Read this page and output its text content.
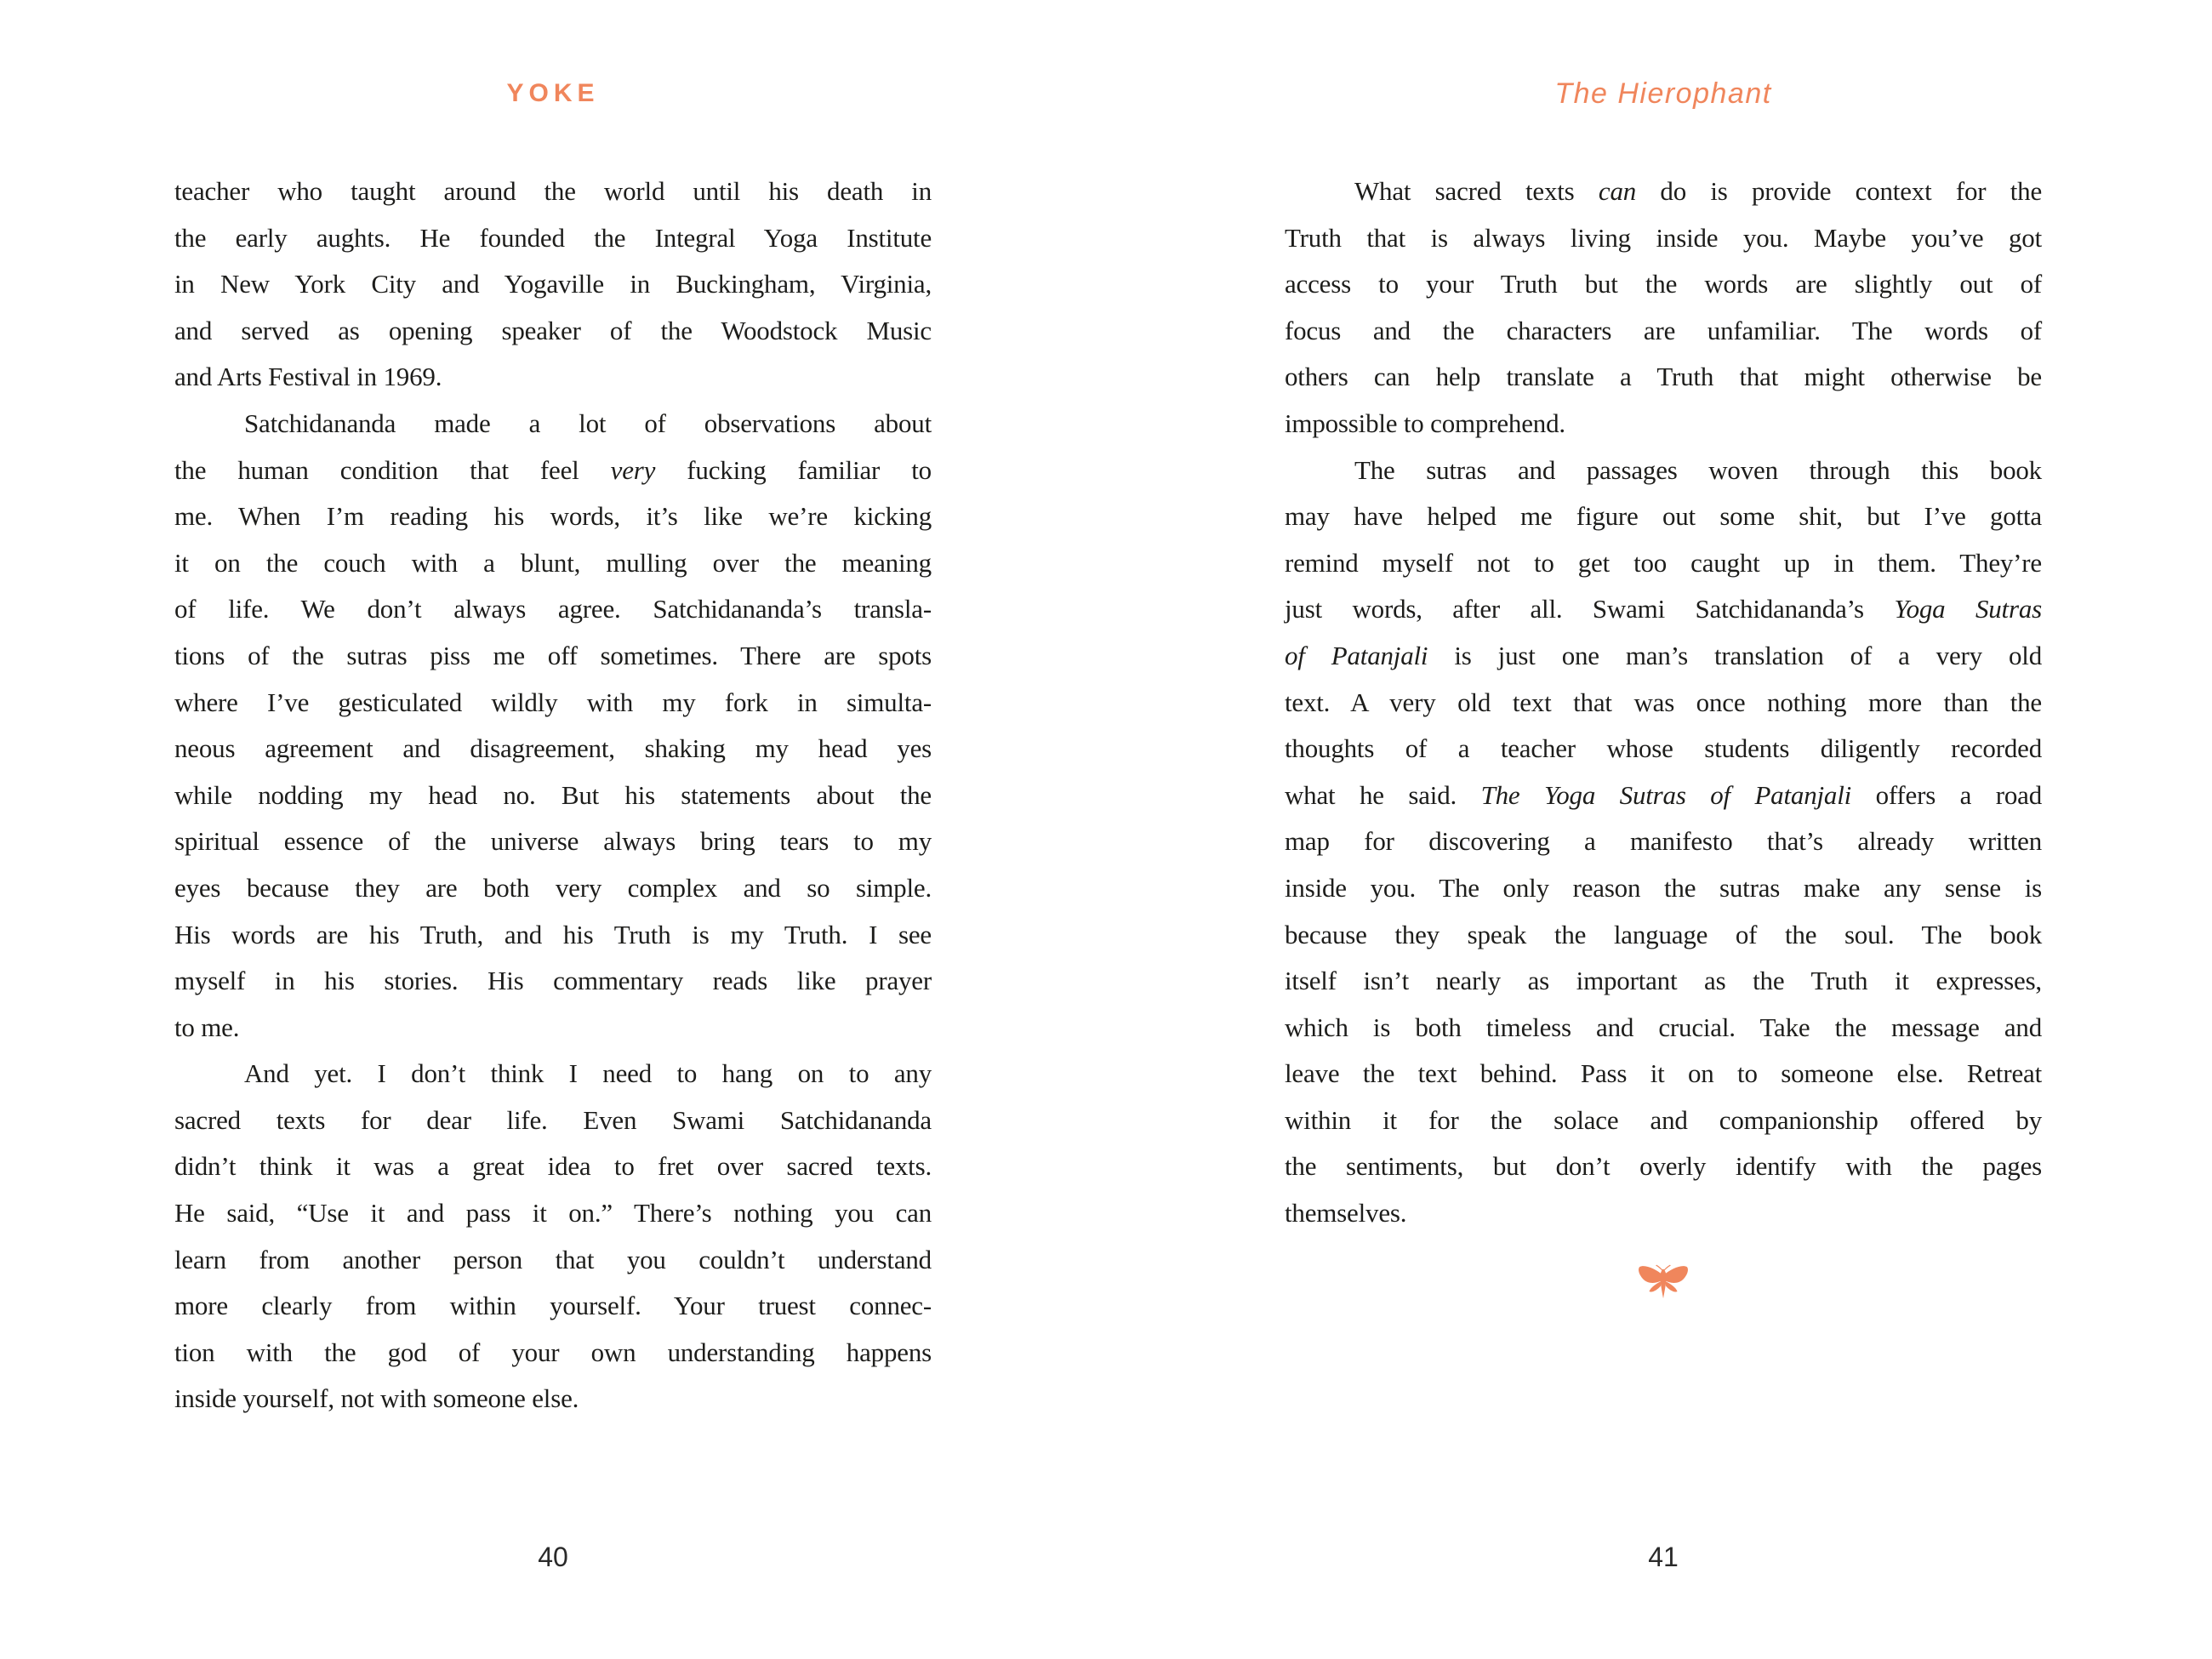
YOKE
teacher who taught around the world until his death in
the early aughts. He founded the Integral Yoga Institute
in New York City and Yogaville in Buckingham, Virginia,
and served as opening speaker of the Woodstock Music
and Arts Festival in 1969.
Satchidananda made a lot of observations about
the human condition that feel very fucking familiar to
me. When I’m reading his words, it’s like we’re kicking
it on the couch with a blunt, mulling over the meaning
of life. We don’t always agree. Satchidananda’s transla-
tions of the sutras piss me off sometimes. There are spots
where I’ve gesticulated wildly with my fork in simulta-
neous agreement and disagreement, shaking my head yes
while nodding my head no. But his statements about the
spiritual essence of the universe always bring tears to my
eyes because they are both very complex and so simple.
His words are his Truth, and his Truth is my Truth. I see
myself in his stories. His commentary reads like prayer
to me.
And yet. I don’t think I need to hang on to any
sacred texts for dear life. Even Swami Satchidananda
didn’t think it was a great idea to fret over sacred texts.
He said, “Use it and pass it on.” There’s nothing you can
learn from another person that you couldn’t understand
more clearly from within yourself. Your truest connec-
tion with the god of your own understanding happens
inside yourself, not with someone else.
40
The Hierophant
What sacred texts can do is provide context for the
Truth that is always living inside you. Maybe you’ve got
access to your Truth but the words are slightly out of
focus and the characters are unfamiliar. The words of
others can help translate a Truth that might otherwise be
impossible to comprehend.
The sutras and passages woven through this book
may have helped me figure out some shit, but I’ve gotta
remind myself not to get too caught up in them. They’re
just words, after all. Swami Satchidananda’s Yoga Sutras
of Patanjali is just one man’s translation of a very old
text. A very old text that was once nothing more than the
thoughts of a teacher whose students diligently recorded
what he said. The Yoga Sutras of Patanjali offers a road
map for discovering a manifesto that’s already written
inside you. The only reason the sutras make any sense is
because they speak the language of the soul. The book
itself isn’t nearly as important as the Truth it expresses,
which is both timeless and crucial. Take the message and
leave the text behind. Pass it on to someone else. Retreat
within it for the solace and companionship offered by
the sentiments, but don’t overly identify with the pages
themselves.
41
